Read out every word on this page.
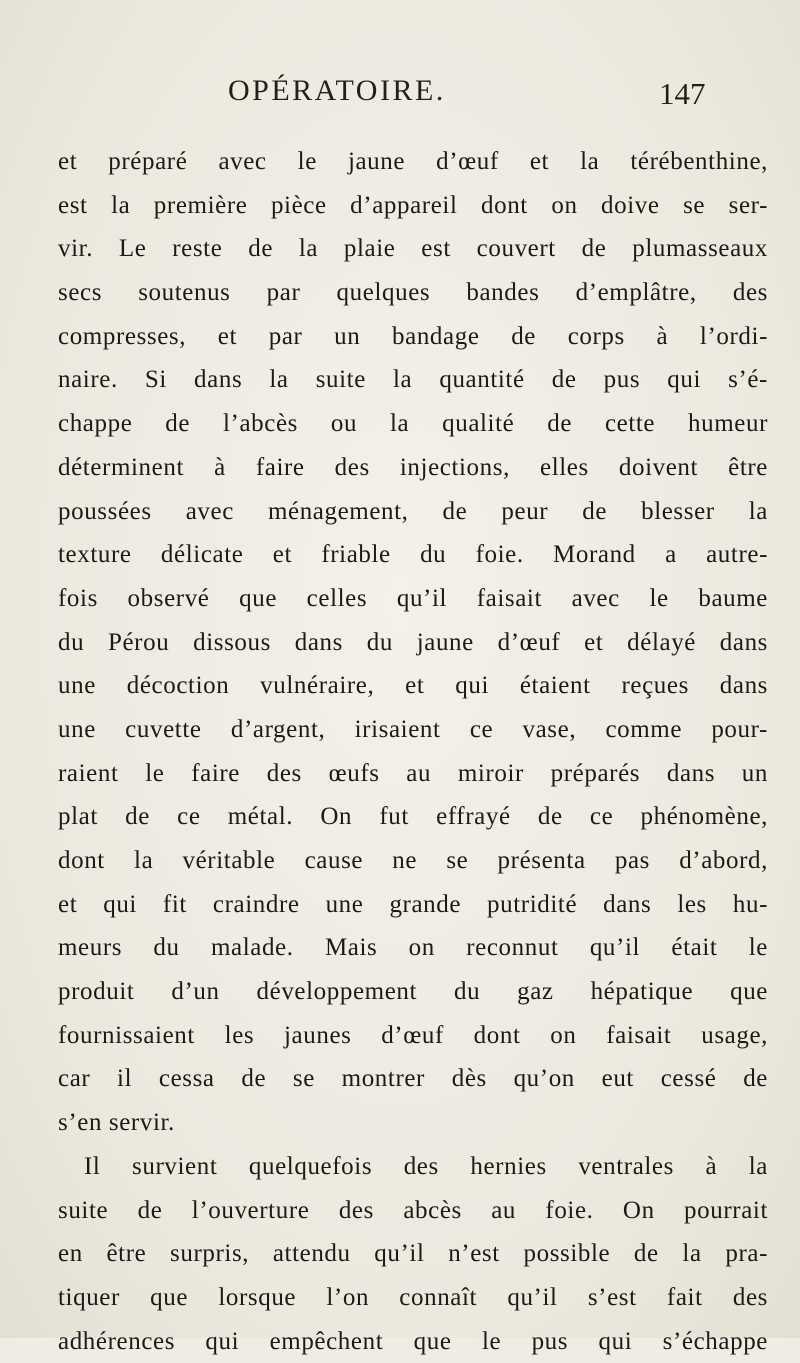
OPÉRATOIRE.	147
et préparé avec le jaune d’œuf et la térébenthine,
est la première pièce d’appareil dont on doive se ser-
vir. Le reste de la plaie est couvert de plumasseaux
secs soutenus par quelques bandes d’emplâtre, des
compresses, et par un bandage de corps à l’ordi-
naire. Si dans la suite la quantité de pus qui s’é-
chappe de l’abcès ou la qualité de cette humeur
déterminent à faire des injections, elles doivent être
poussées avec ménagement, de peur de blesser la
texture délicate et friable du foie. Morand a autre-
fois observé que celles qu’il faisait avec le baume
du Pérou dissous dans du jaune d’œuf et délayé dans
une décoction vulnéraire, et qui étaient reçues dans
une cuvette d’argent, irisaient ce vase, comme pour-
raient le faire des œufs au miroir préparés dans un
plat de ce métal. On fut effrayé de ce phénomène,
dont la véritable cause ne se présenta pas d’abord,
et qui fit craindre une grande putridité dans les hu-
meurs du malade. Mais on reconnut qu’il était le
produit d’un développement du gaz hépatique que
fournissaient les jaunes d’œuf dont on faisait usage,
car il cessa de se montrer dès qu’on eut cessé de
s’en servir.
Il survient quelquefois des hernies ventrales à la
suite de l’ouverture des abcès au foie. On pourrait
en être surpris, attendu qu’il n’est possible de la pra-
tiquer que lorsque l’on connaît qu’il s’est fait des
adhérences qui empêchent que le pus qui s’échappe
